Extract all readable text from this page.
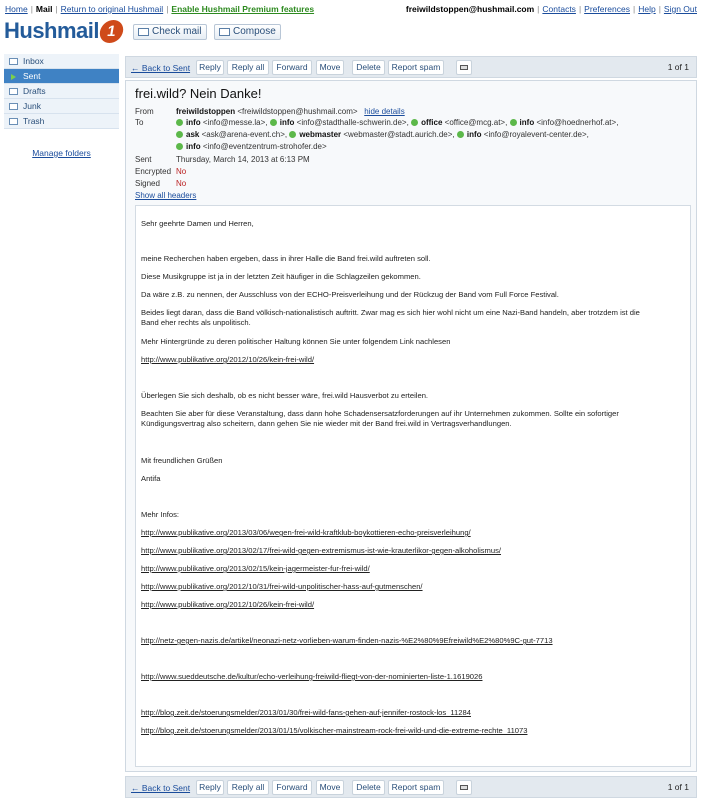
Home | Mail | Return to original Hushmail | Enable Hushmail Premium features	freiwildstoppen@hushmail.com | Contacts | Preferences | Help | Sign Out
Hushmail 1	Check mail	Compose
Inbox
Sent
Drafts
Junk
Trash
Manage folders
← Back to Sent	Reply	Reply all	Forward	Move	Delete	Report spam	1 of 1
frei.wild? Nein Danke!
From	freiwildstoppen <freiwildstoppen@hushmail.com> hide details
To	info <info@messe.la>, info <info@stadthalle-schwerin.de>, office <office@mcg.at>, info <info@hoednerhof.at>,
ask <ask@arena-event.ch>, webmaster <webmaster@stadt.aurich.de>, info <info@royalevent-center.de>,
info <info@eventzentrum-strohofer.de>
Sent	Thursday, March 14, 2013 at 6:13 PM
Encrypted No
Signed	No
Show all headers
Sehr geehrte Damen und Herren,
meine Recherchen haben ergeben, dass in ihrer Halle die Band frei.wild auftreten soll.
Diese Musikgruppe ist ja in der letzten Zeit häufiger in die Schlagzeilen gekommen.
Da wäre z.B. zu nennen, der Ausschluss von der ECHO-Preisverleihung und der Rückzug der Band vom Full Force Festival.
Beides liegt daran, dass die Band völkisch-nationalistisch auftritt. Zwar mag es sich hier wohl nicht um eine Nazi-Band handeln, aber trotzdem ist die
Band eher rechts als unpolitisch.
Mehr Hintergründe zu deren politischer Haltung können Sie unter folgendem Link nachlesen
http://www.publikative.org/2012/10/26/kein-frei-wild/
Überlegen Sie sich deshalb, ob es nicht besser wäre, frei.wild Hausverbot zu erteilen.
Beachten Sie aber für diese Veranstaltung, dass dann hohe Schadensersatzforderungen auf ihr Unternehmen zukommen. Sollte ein sofortiger
Kündigungsvertrag also scheitern, dann gehen Sie nie wieder mit der Band frei.wild in Vertragsverhandlungen.
Mit freundlichen Grüßen
Antifa
Mehr Infos:
http://www.publikative.org/2013/03/06/wegen-frei-wild-kraftklub-boykottieren-echo-preisverleihung/
http://www.publikative.org/2013/02/17/frei-wild-gegen-extremismus-ist-wie-krauterlikor-gegen-alkoholismus/
http://www.publikative.org/2013/02/15/kein-jagermeister-fur-frei-wild/
http://www.publikative.org/2012/10/31/frei-wild-unpolitischer-hass-auf-gutmenschen/
http://www.publikative.org/2012/10/26/kein-frei-wild/
http://netz-gegen-nazis.de/artikel/neonazi-netz-vorlieben-warum-finden-nazis-%E2%80%9Efreiwild%E2%80%9C-gut-7713
http://www.sueddeutsche.de/kultur/echo-verleihung-freiwild-fliegt-von-der-nominierten-liste-1.1619026
http://blog.zeit.de/stoerungsmelder/2013/01/30/frei-wild-fans-gehen-auf-jennifer-rostock-los_11284
http://blog.zeit.de/stoerungsmelder/2013/01/15/volkischer-mainstream-rock-frei-wild-und-die-extreme-rechte_11073
← Back to Sent	Reply	Reply all	Forward	Move	Delete	Report spam	1 of 1
